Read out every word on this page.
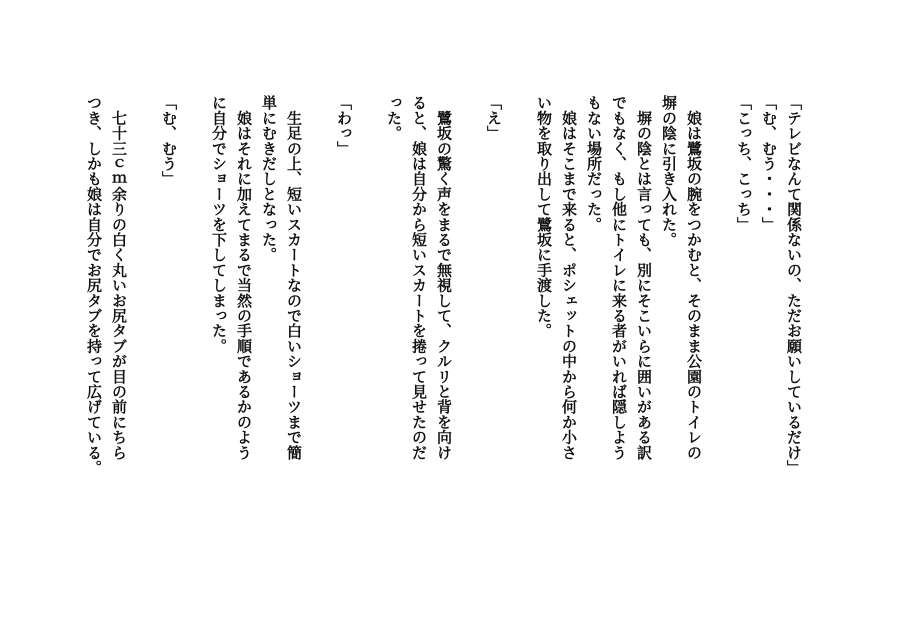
「テレビなんて関係ないの、ただお願いしているだけ」
「む、むう・・・」
「こっち、こっち」

　娘は鷺坂の腕をつかむと、そのまま公園のトイレの
塀の陰に引き入れた。
　塀の陰とは言っても、別にそこいらに囲いがある訳
でもなく、もし他にトイレに来る者がいれば隠しよう
もない場所だった。
　娘はそこまで来ると、ポシェットの中から何か小さ
い物を取り出して鷺坂に手渡した。

「え」

　鷺坂の驚く声をまるで無視して、クルリと背を向け
ると、娘は自分から短いスカートを捲って見せたのだ
った。

「わっ」

　生足の上、短いスカートなので白いショーツまで簡
単にむきだしとなった。
　娘はそれに加えてまるで当然の手順であるかのよう
に自分でショーツを下してしまった。

「む、むう」

　七十三ｃｍ余りの白く丸いお尻タブが目の前にちら
つき、しかも娘は自分でお尻タブを持って広げている。
